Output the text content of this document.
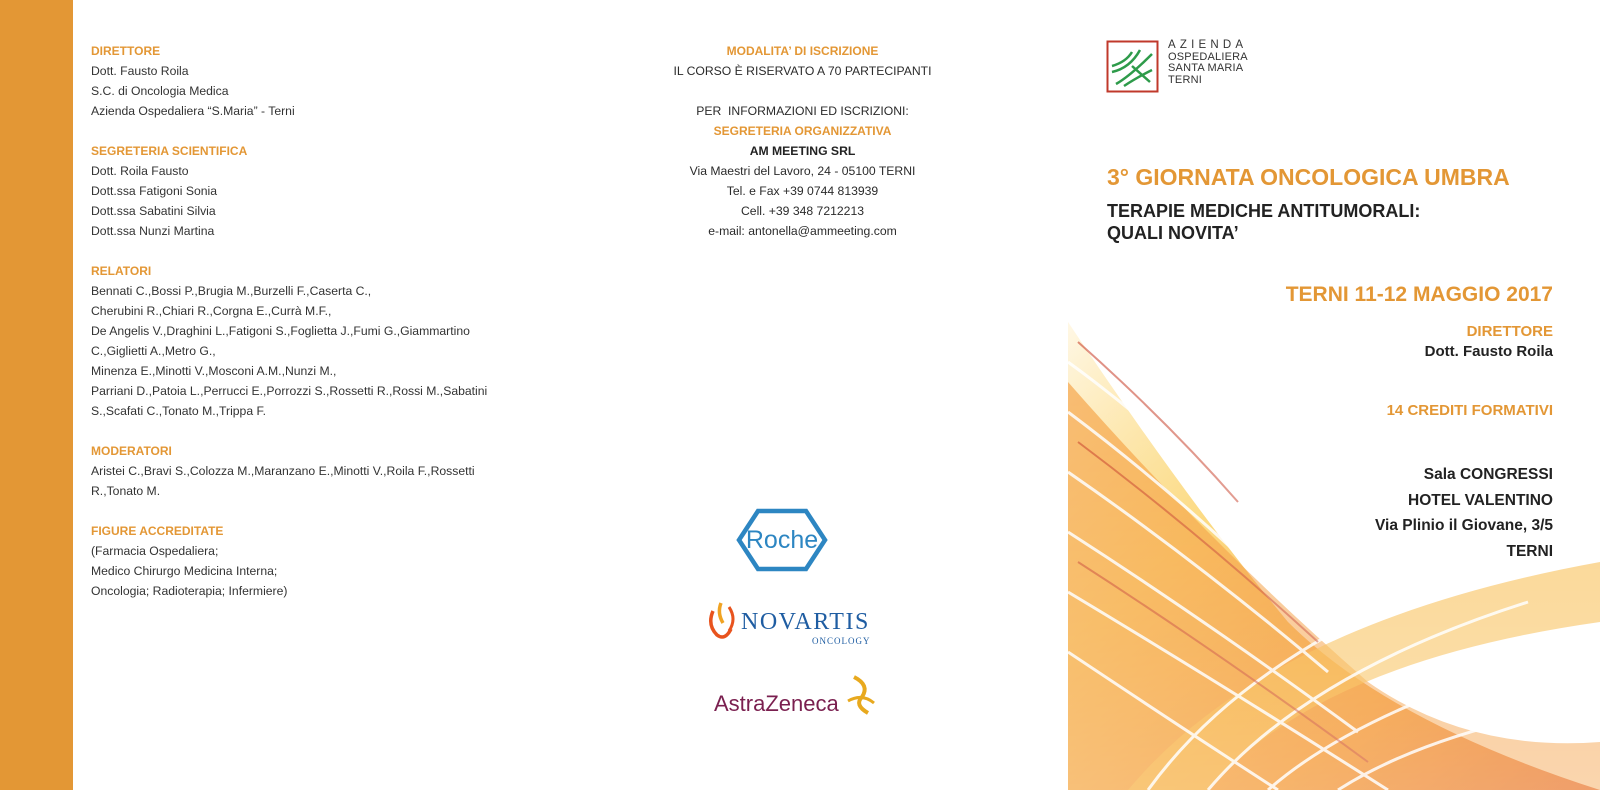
DIRETTORE
Dott. Fausto Roila
S.C. di Oncologia Medica
Azienda Ospedaliera “S.Maria” - Terni
SEGRETERIA SCIENTIFICA
Dott. Roila Fausto
Dott.ssa Fatigoni Sonia
Dott.ssa Sabatini Silvia
Dott.ssa Nunzi Martina
RELATORI
Bennati C.,Bossi P.,Brugia M.,Burzelli F.,Caserta C.,
Cherubini R.,Chiari R.,Corgna E.,Currà M.F.,
De Angelis V.,Draghini L.,Fatigoni S.,Foglietta J.,Fumi G.,Giammartino
C.,Giglietti A.,Metro G.,
Minenza E.,Minotti V.,Mosconi A.M.,Nunzi M.,
Parriani D.,Patoia L.,Perrucci E.,Porrozzi S.,Rossetti R.,Rossi M.,Sabatini
S.,Scafati C.,Tonato M.,Trippa F.
MODERATORI
Aristei C.,Bravi S.,Colozza M.,Maranzano E.,Minotti V.,Roila F.,Rossetti
R.,Tonato M.
FIGURE ACCREDITATE
(Farmacia Ospedaliera;
Medico Chirurgo Medicina Interna;
Oncologia; Radioterapia; Infermiere)
MODALITA’ DI ISCRIZIONE
IL CORSO È RISERVATO A 70 PARTECIPANTI
PER  INFORMAZIONI ED ISCRIZIONI:
SEGRETERIA ORGANIZZATIVA
AM MEETING SRL
Via Maestri del Lavoro, 24 - 05100 TERNI
Tel. e Fax +39 0744 813939
Cell. +39 348 7212213
e-mail: antonella@ammeeting.com
Roche
NOVARTIS
ONCOLOGY
AstraZeneca
AZIENDA
OSPEDALIERA
SANTA MARIA
TERNI
3° GIORNATA ONCOLOGICA UMBRA
TERAPIE MEDICHE ANTITUMORALI:
QUALI NOVITA’
TERNI 11-12 MAGGIO 2017
DIRETTORE
Dott. Fausto Roila
14 CREDITI FORMATIVI
Sala CONGRESSI
HOTEL VALENTINO
Via Plinio il Giovane, 3/5
TERNI
